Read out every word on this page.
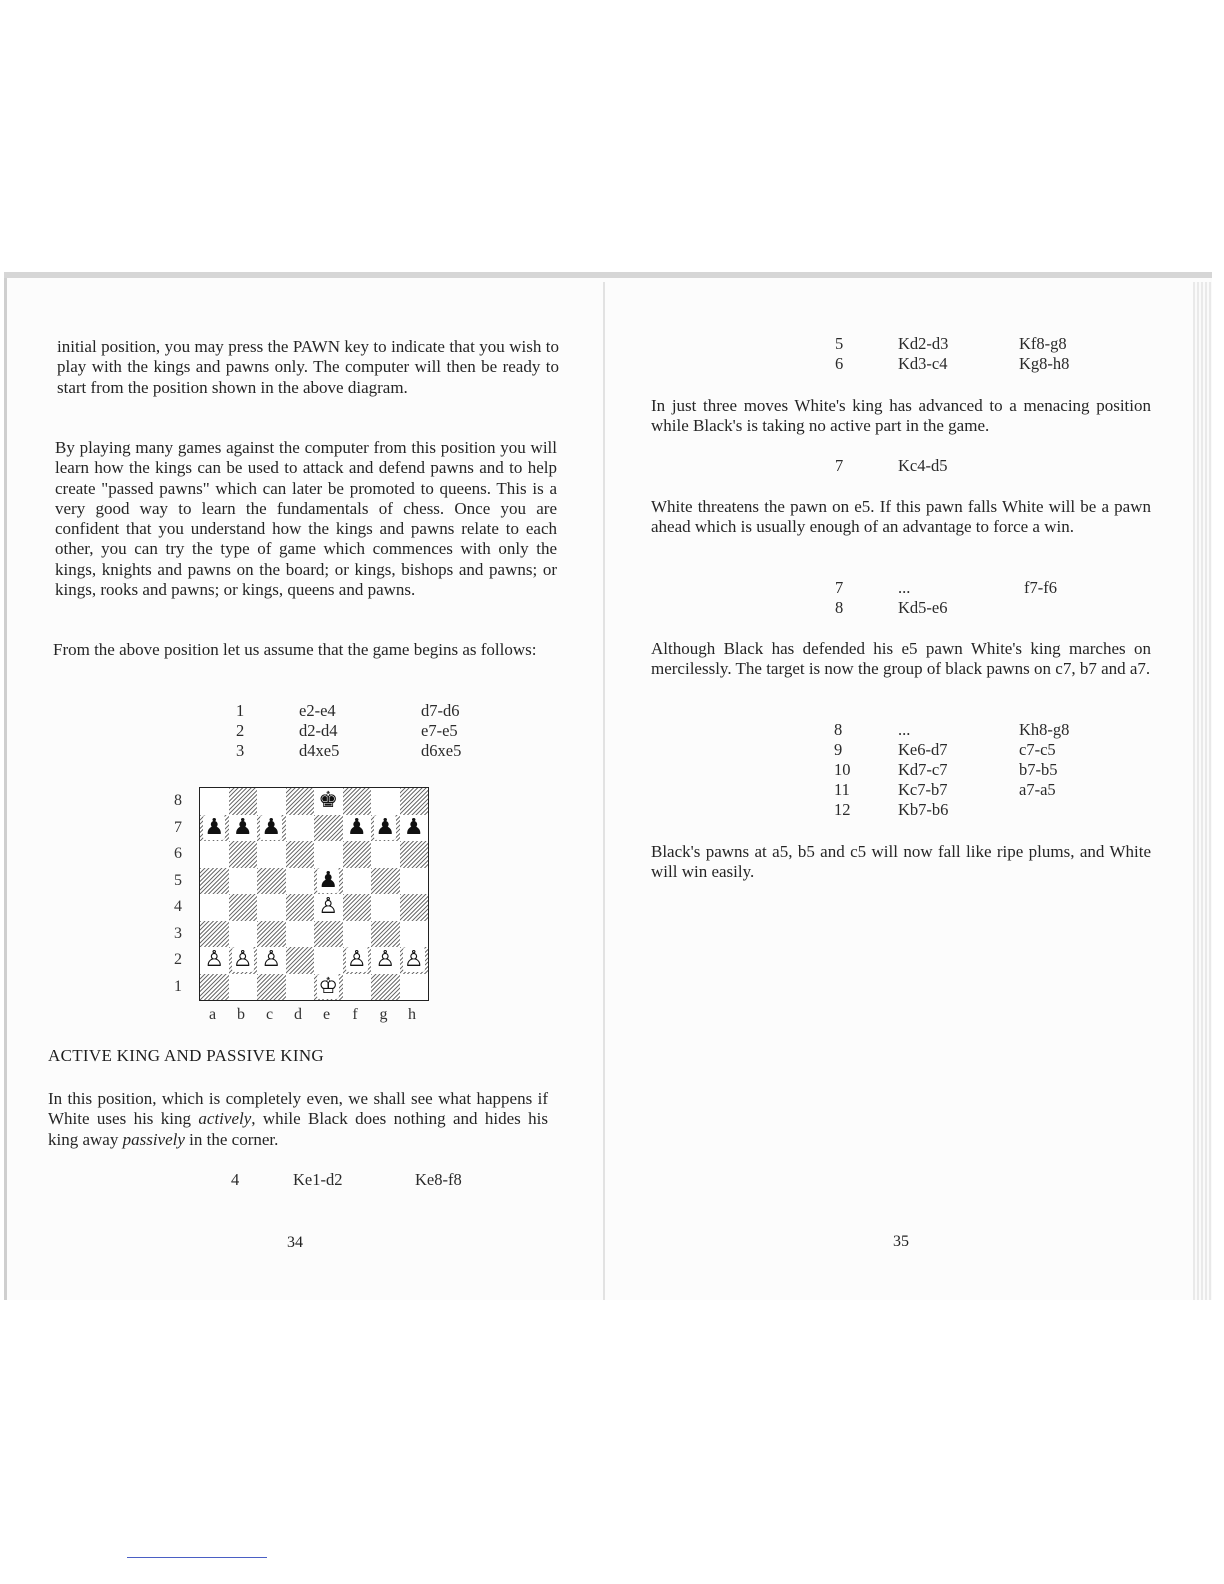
initial position, you may press the PAWN key to indicate that you wish to play with the kings and pawns only. The computer will then be ready to start from the position shown in the above diagram.

By playing many games against the computer from this position you will learn how the kings can be used to attack and defend pawns and to help create "passed pawns" which can later be promoted to queens. This is a very good way to learn the fundamentals of chess. Once you are confident that you understand how the kings and pawns relate to each other, you can try the type of game which commences with only the kings, knights and pawns on the board; or kings, bishops and pawns; or kings, rooks and pawns; or kings, queens and pawns.

From the above position let us assume that the game begins as follows:

1	e2-e4	d7-d6
2	d2-d4	e7-e5
3	d4xe5	d6xe5
8
7
6
5
4
3
2
1
♚
♟ ♟ ♟	♟ ♟ ♟
♟
♙
♙ ♙ ♙	♙ ♙ ♙
♔
a	b	c	d	e	f	g	h
ACTIVE KING AND PASSIVE KING

In this position, which is completely even, we shall see what happens if White uses his king actively, while Black does nothing and hides his king away passively in the corner.

4	Ke1-d2	Ke8-f8
34
5	Kd2-d3	Kf8-g8
6	Kd3-c4	Kg8-h8

In just three moves White's king has advanced to a menacing position while Black's is taking no active part in the game.

7	Kc4-d5

White threatens the pawn on e5. If this pawn falls White will be a pawn ahead which is usually enough of an advantage to force a win.

7	...	f7-f6
8	Kd5-e6

Although Black has defended his e5 pawn White's king marches on mercilessly. The target is now the group of black pawns on c7, b7 and a7.

8	...	Kh8-g8
9	Ke6-d7	c7-c5
10	Kd7-c7	b7-b5
11	Kc7-b7	a7-a5
12	Kb7-b6

Black's pawns at a5, b5 and c5 will now fall like ripe plums, and White will win easily.

35
